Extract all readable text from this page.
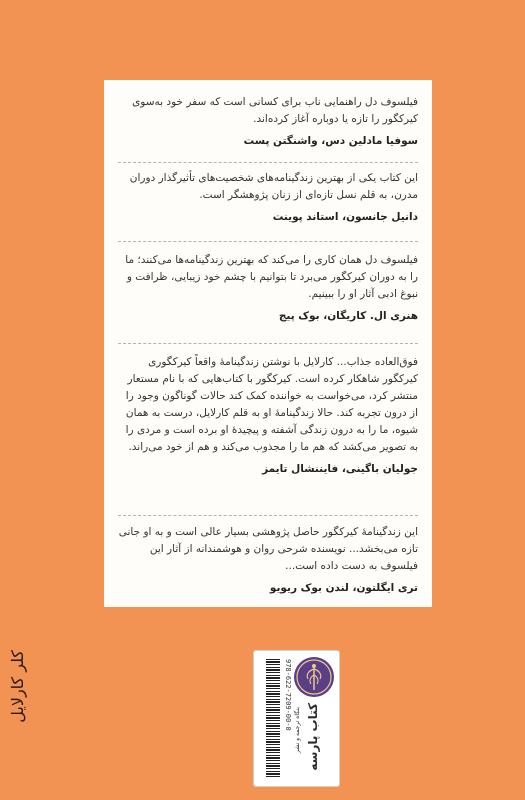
فیلسوف دل راهنمایی ناب برای کسانی است که سفر خود به‌سوی کیرکگور را تازه یا دوباره آغاز کرده‌اند.
سوفیا مادلین دس، واشنگتن پست
این کتاب یکی از بهترین زندگینامه‌های شخصیت‌های تأثیرگذار دوران مدرن، به قلم نسل تازه‌ای از زنان پژوهشگر است.
دانیل جانسون، استاند پوینت
فیلسوف دل همان کاری را می‌کند که بهترین زندگینامه‌ها می‌کنند؛ ما را به دوران کیرکگور می‌برد تا بتوانیم با چشم خود زیبایی، ظرافت و نبوغ ادبی آثار او را ببینیم.
هنری ال. کاریگان، بوک پیج
فوق‌العاده جذاب... کارلایل با نوشتن زندگینامۀ واقعاً کیرکگوری کیرکگور شاهکار کرده است. کیرکگور با کتاب‌هایی که با نام مستعار منتشر کرد، می‌خواست به خواننده کمک کند حالات گوناگون وجود را از درون تجربه کند. حالا زندگینامۀ او به قلم کارلایل، درست به همان شیوه، ما را به درون زندگی آشفته و پیچیدۀ او برده است و مردی را به تصویر می‌کشد که هم ما را مجذوب می‌کند و هم از خود می‌راند.
جولیان باگینی، فایننشال تایمز
این زندگینامۀ کیرکگور حاصل پژوهشی بسیار عالی است و به او جانی تازه می‌بخشد... نویسنده شرحی روان و هوشمندانه از آثار این فیلسوف به دست داده است...
تری ایگلتون، لندن بوک ریویو
کلر کارلایل	978-622-7209-00-0 بنگاه ترجمه و نشر کتاب پارسه
